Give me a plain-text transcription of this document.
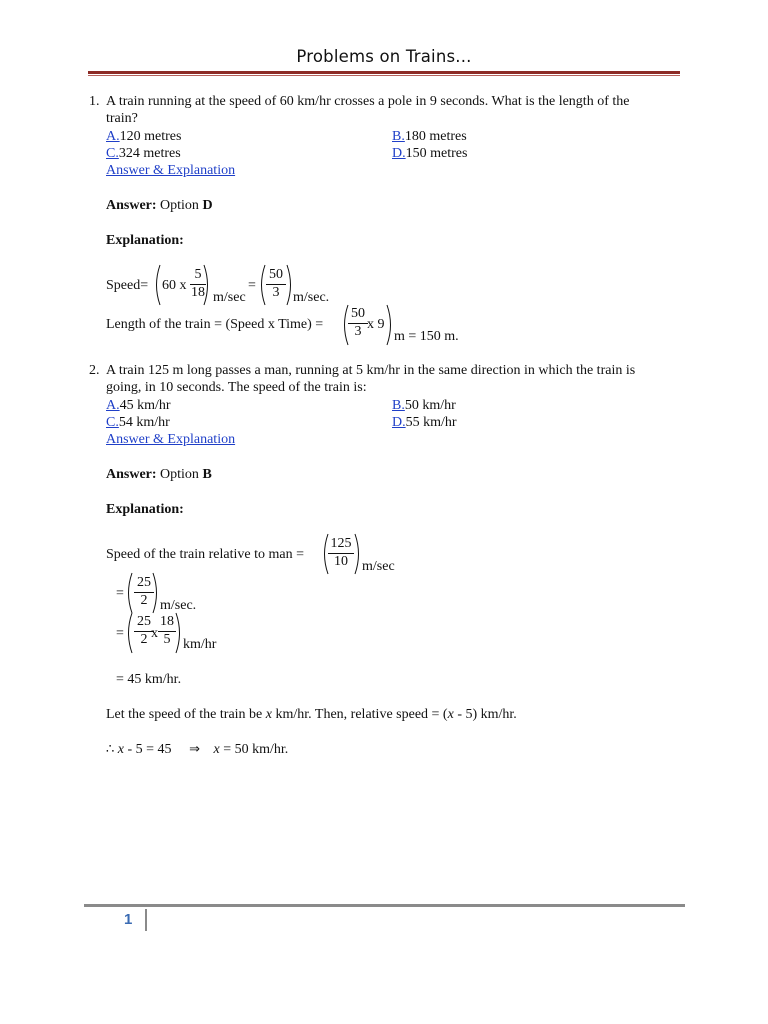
Problems on Trains...
1. A train running at the speed of 60 km/hr crosses a pole in 9 seconds. What is the length of the
train?
A.120 metres	B.180 metres
C.324 metres	D.150 metres
Answer & Explanation
Answer: Option D
Explanation:
Speed= 60 x
5
18 m/sec
=
50
3 m/sec.
Length of the train = (Speed x Time) =
50
3 x 9
m = 150 m.
2. A train 125 m long passes a man, running at 5 km/hr in the same direction in which the train is
going, in 10 seconds. The speed of the train is:
A.45 km/hr	B.50 km/hr
C.54 km/hr	D.55 km/hr
Answer & Explanation
Answer: Option B
Explanation:
Speed of the train relative to man =
125
10	m/sec
=
25
2 m/sec.
=
25
2 x
18
5 km/hr
= 45 km/hr.
Let the speed of the train be x km/hr. Then, relative speed = (x - 5) km/hr.
∴ x - 5 = 45 ⇒ x = 50 km/hr.
1
